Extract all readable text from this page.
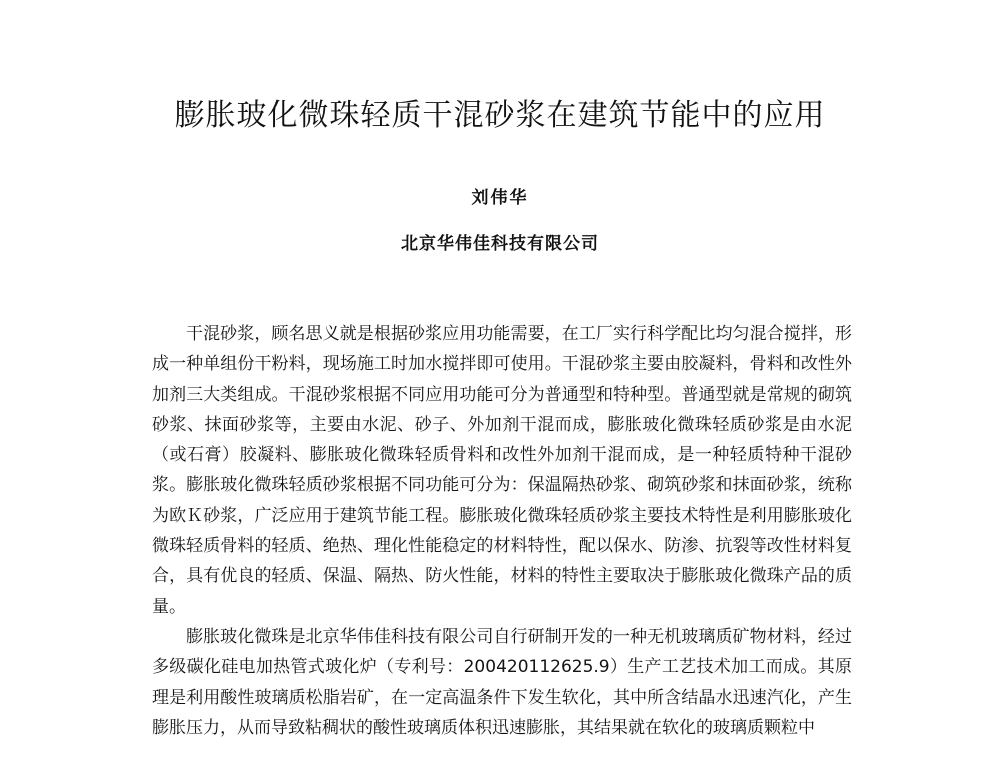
膨胀玻化微珠轻质干混砂浆在建筑节能中的应用
刘伟华
北京华伟佳科技有限公司

干混砂浆，顾名思义就是根据砂浆应用功能需要，在工厂实行科学配比均匀混合搅拌，形成一种单组份干粉料，现场施工时加水搅拌即可使用。干混砂浆主要由胶凝料，骨料和改性外加剂三大类组成。干混砂浆根据不同应用功能可分为普通型和特种型。普通型就是常规的砌筑砂浆、抹面砂浆等，主要由水泥、砂子、外加剂干混而成，膨胀玻化微珠轻质砂浆是由水泥（或石膏）胶凝料、膨胀玻化微珠轻质骨料和改性外加剂干混而成，是一种轻质特种干混砂浆。膨胀玻化微珠轻质砂浆根据不同功能可分为：保温隔热砂浆、砌筑砂浆和抹面砂浆，统称为欧Ｋ砂浆，广泛应用于建筑节能工程。膨胀玻化微珠轻质砂浆主要技术特性是利用膨胀玻化微珠轻质骨料的轻质、绝热、理化性能稳定的材料特性，配以保水、防渗、抗裂等改性材料复合，具有优良的轻质、保温、隔热、防火性能，材料的特性主要取决于膨胀玻化微珠产品的质量。

膨胀玻化微珠是北京华伟佳科技有限公司自行研制开发的一种无机玻璃质矿物材料，经过多级碳化硅电加热管式玻化炉（专利号：200420112625.9）生产工艺技术加工而成。其原理是利用酸性玻璃质松脂岩矿，在一定高温条件下发生软化，其中所含结晶水迅速汽化，产生膨胀压力，从而导致粘稠状的酸性玻璃质体积迅速膨胀，其结果就在软化的玻璃质颗粒中
